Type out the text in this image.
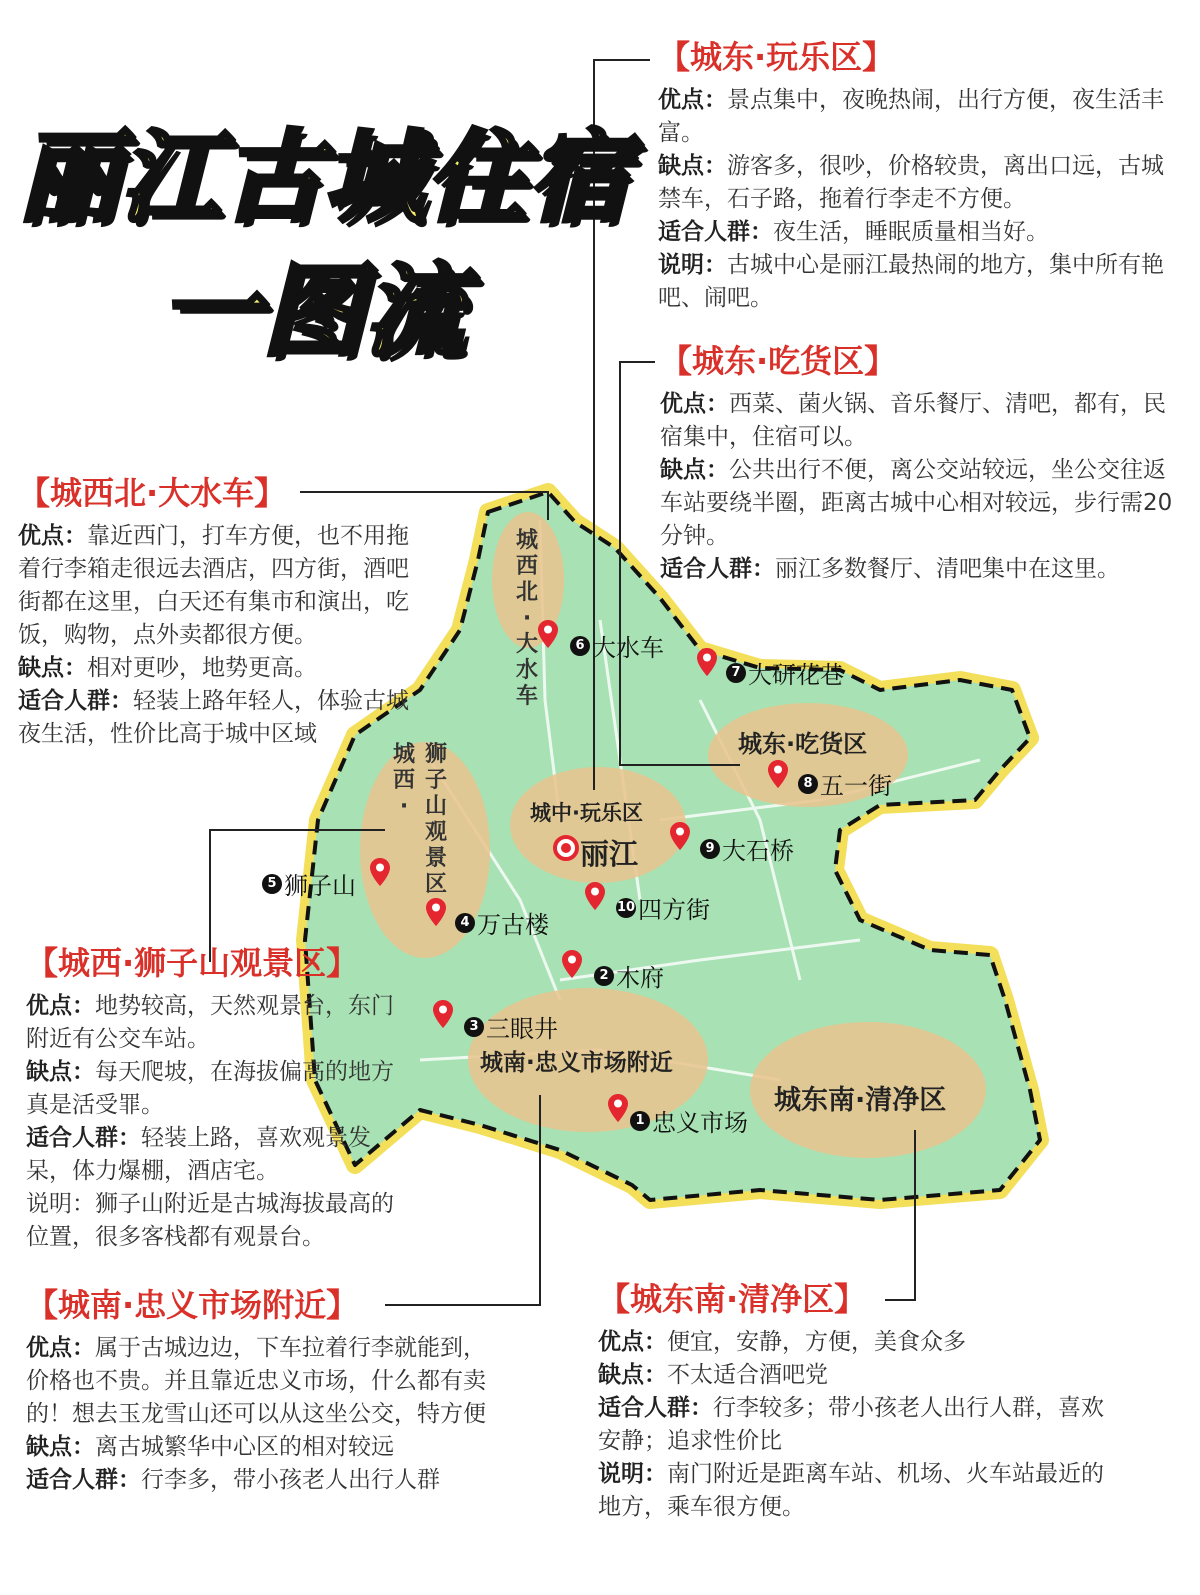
丽江古城住宿
一图流
城西北·大水车
城西·
狮子山观景区
城中·玩乐区
城东·吃货区
城南·忠义市场附近
城东南·清净区
丽江
1 忠义市场
2 木府
3 三眼井
4 万古楼
5 狮子山
6 大水车
7 大研花巷
8 五一街
9 大石桥
10 四方街
【城东·玩乐区】

优点：景点集中，夜晚热闹，出行方便，夜生活丰富。

缺点：游客多，很吵，价格较贵，离出口远，古城禁车，石子路，拖着行李走不方便。

适合人群：夜生活，睡眠质量相当好。

说明：古城中心是丽江最热闹的地方，集中所有艳吧、闹吧。

【城东·吃货区】

优点：西菜、菌火锅、音乐餐厅、清吧，都有，民宿集中，住宿可以。

缺点：公共出行不便，离公交站较远，坐公交往返车站要绕半圈，距离古城中心相对较远，步行需20分钟。

适合人群：丽江多数餐厅、清吧集中在这里。

【城西北·大水车】

优点：靠近西门，打车方便，也不用拖着行李箱走很远去酒店，四方街，酒吧街都在这里，白天还有集市和演出，吃饭，购物，点外卖都很方便。

缺点：相对更吵，地势更高。

适合人群：轻装上路年轻人，体验古城夜生活，性价比高于城中区域

【城西·狮子山观景区】

优点：地势较高，天然观景台，东门附近有公交车站。

缺点：每天爬坡，在海拔偏高的地方真是活受罪。

适合人群：轻装上路，喜欢观景发呆，体力爆棚，酒店宅。

说明：狮子山附近是古城海拔最高的位置，很多客栈都有观景台。

【城南·忠义市场附近】

优点：属于古城边边，下车拉着行李就能到，价格也不贵。并且靠近忠义市场，什么都有卖的！想去玉龙雪山还可以从这坐公交，特方便

缺点：离古城繁华中心区的相对较远

适合人群：行李多，带小孩老人出行人群

【城东南·清净区】

优点：便宜，安静，方便，美食众多

缺点：不太适合酒吧党

适合人群：行李较多；带小孩老人出行人群，喜欢安静；追求性价比

说明：南门附近是距离车站、机场、火车站最近的地方，乘车很方便。
